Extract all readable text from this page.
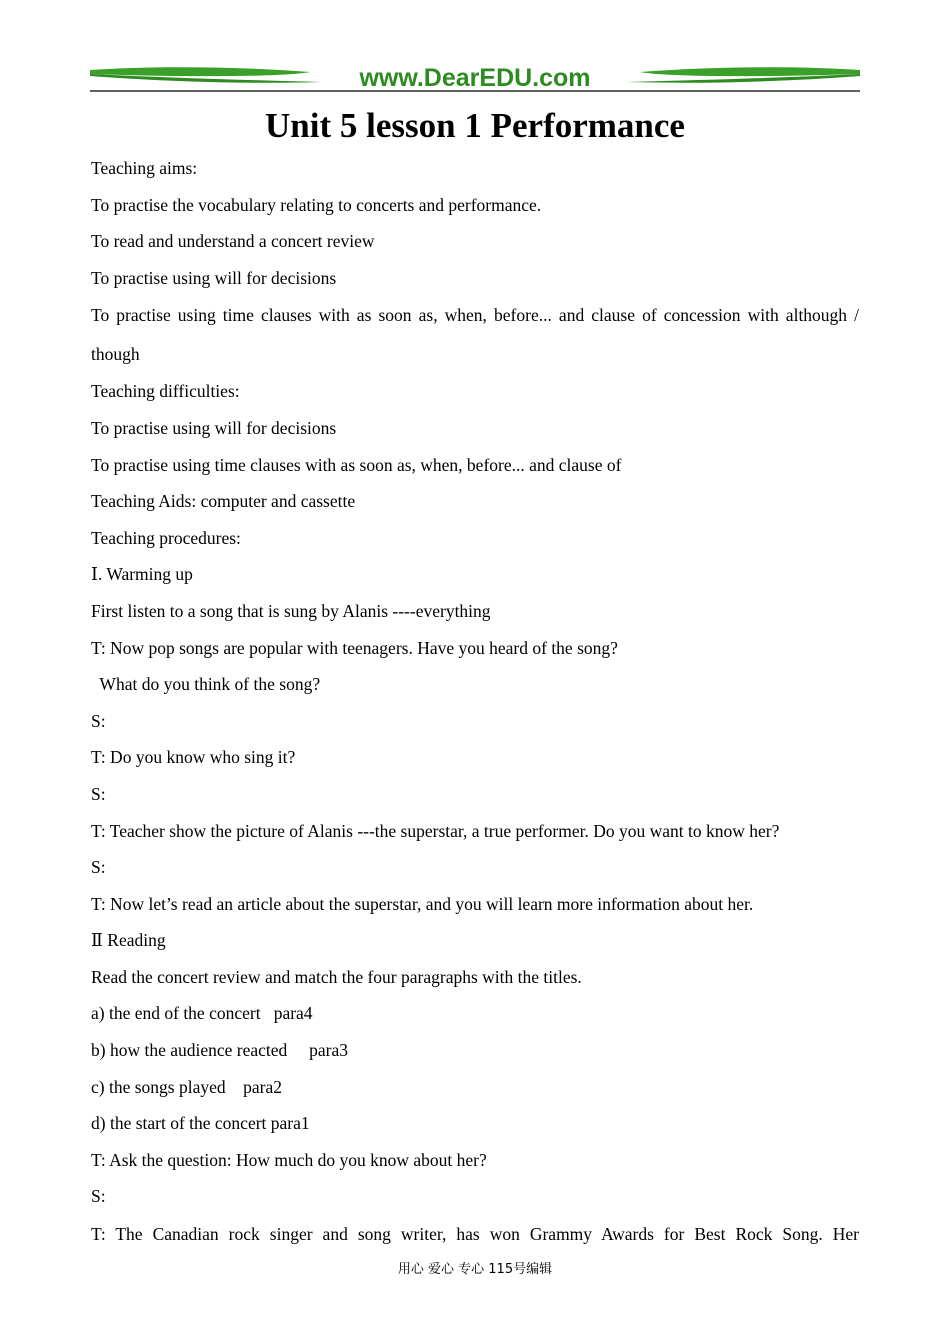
www.DearEDU.com
Unit 5 lesson 1 Performance
Teaching aims:
To practise the vocabulary relating to concerts and performance.
To read and understand a concert review
To practise using will for decisions
To practise using time clauses with as soon as, when, before... and clause of concession with although / though
Teaching difficulties:
To practise using will for decisions
To practise using time clauses with as soon as, when, before... and clause of
Teaching Aids: computer and cassette
Teaching procedures:
Ⅰ. Warming up
First listen to a song that is sung by Alanis ----everything
T: Now pop songs are popular with teenagers. Have you heard of the song?
What do you think of the song?
S:
T: Do you know who sing it?
S:
T: Teacher show the picture of Alanis ---the superstar, a true performer. Do you want to know her?
S:
T: Now let’s read an article about the superstar, and you will learn more information about her.
Ⅱ Reading
Read the concert review and match the four paragraphs with the titles.
a) the end of the concert   para4
b) how the audience reacted     para3
c) the songs played    para2
d) the start of the concert para1
T: Ask the question: How much do you know about her?
S:
T: The Canadian rock singer and song writer, has won Grammy Awards for Best Rock Song. Her
用心 爱心 专心 115号编辑
